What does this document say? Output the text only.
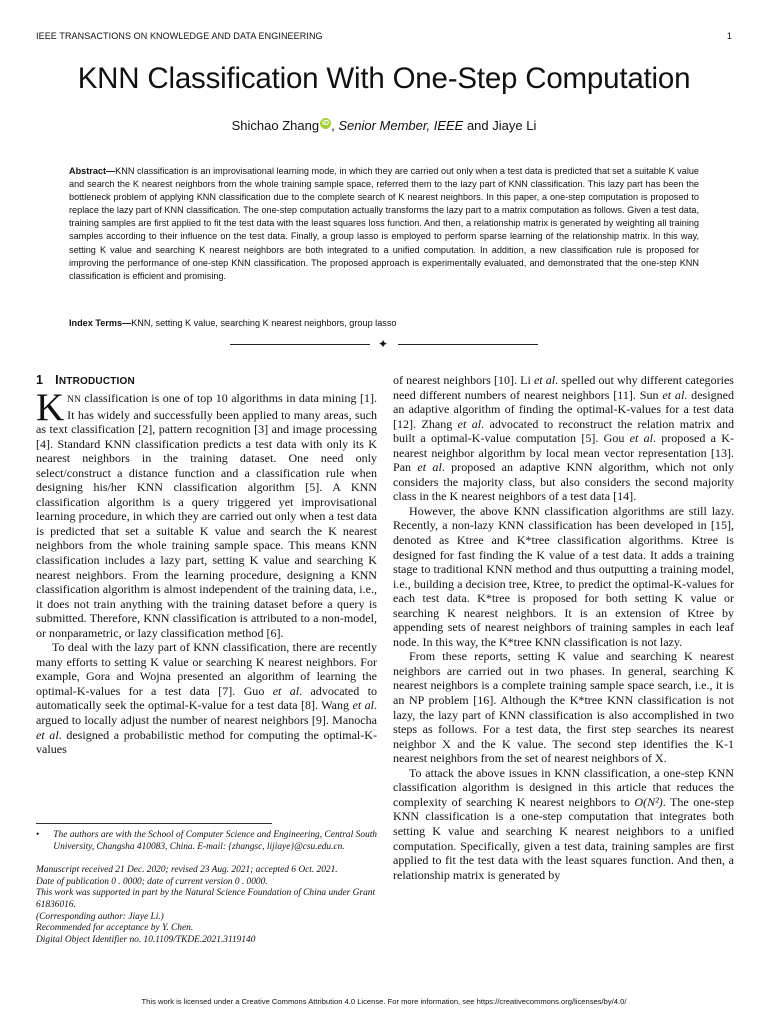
IEEE TRANSACTIONS ON KNOWLEDGE AND DATA ENGINEERING	1
KNN Classification With One-Step Computation
Shichao Zhang iD , Senior Member, IEEE and Jiaye Li

Abstract—KNN classification is an improvisational learning mode, in which they are carried out only when a test data is predicted that set a suitable K value and search the K nearest neighbors from the whole training sample space, referred them to the lazy part of KNN classification. This lazy part has been the bottleneck problem of applying KNN classification due to the complete search of K nearest neighbors. In this paper, a one-step computation is proposed to replace the lazy part of KNN classification. The one-step computation actually transforms the lazy part to a matrix computation as follows. Given a test data, training samples are first applied to fit the test data with the least squares loss function. And then, a relationship matrix is generated by weighting all training samples according to their influence on the test data. Finally, a group lasso is employed to perform sparse learning of the relationship matrix. In this way, setting K value and searching K nearest neighbors are both integrated to a unified computation. In addition, a new classification rule is proposed for improving the performance of one-step KNN classification. The proposed approach is experimentally evaluated, and demonstrated that the one-step KNN classification is efficient and promising.

Index Terms—KNN, setting K value, searching K nearest neighbors, group lasso

✦
1 INTRODUCTION

KNN classification is one of top 10 algorithms in data mining [1]. It has widely and successfully been applied to many areas, such as text classification [2], pattern recognition [3] and image processing [4]. Standard KNN classification predicts a test data with only its K nearest neighbors in the training dataset. One need only select/construct a distance function and a classification rule when designing his/her KNN classification algorithm [5]. A KNN classification algorithm is a query triggered yet improvisational learning procedure, in which they are carried out only when a test data is predicted that set a suitable K value and search the K nearest neighbors from the whole training sample space. This means KNN classification includes a lazy part, setting K value and searching K nearest neighbors. From the learning procedure, designing a KNN classification algorithm is almost independent of the training data, i.e., it does not train anything with the training dataset before a query is submitted. Therefore, KNN classification is attributed to a non-model, or nonparametric, or lazy classification method [6].

To deal with the lazy part of KNN classification, there are recently many efforts to setting K value or searching K nearest neighbors. For example, Gora and Wojna presented an algorithm of learning the optimal-K-values for a test data [7]. Guo et al. advocated to automatically seek the optimal-K-value for a test data [8]. Wang et al. argued to locally adjust the number of nearest neighbors [9]. Manocha et al. designed a probabilistic method for computing the optimal-K-values

of nearest neighbors [10]. Li et al. spelled out why different categories need different numbers of nearest neighbors [11]. Sun et al. designed an adaptive algorithm of finding the optimal-K-values for a test data [12]. Zhang et al. advocated to reconstruct the relation matrix and built a optimal-K-value computation [5]. Gou et al. proposed a K-nearest neighbor algorithm by local mean vector representation [13]. Pan et al. proposed an adaptive KNN algorithm, which not only considers the majority class, but also considers the second majority class in the K nearest neighbors of a test data [14].

However, the above KNN classification algorithms are still lazy. Recently, a non-lazy KNN classification has been developed in [15], denoted as Ktree and K*tree classification algorithms. Ktree is designed for fast finding the K value of a test data. It adds a training stage to traditional KNN method and thus outputting a training model, i.e., building a decision tree, Ktree, to predict the optimal-K-values for each test data. K*tree is proposed for both setting K value or searching K nearest neighbors. It is an extension of Ktree by appending sets of nearest neighbors of training samples in each leaf node. In this way, the K*tree KNN classification is not lazy.

From these reports, setting K value and searching K nearest neighbors are carried out in two phases. In general, searching K nearest neighbors is a complete training sample space search, i.e., it is an NP problem [16]. Although the K*tree KNN classification is not lazy, the lazy part of KNN classification is also accomplished in two steps as follows. For a test data, the first step searches its nearest neighbor X and the K value. The second step identifies the K-1 nearest neighbors from the set of nearest neighbors of X.

To attack the above issues in KNN classification, a one-step KNN classification algorithm is designed in this article that reduces the complexity of searching K nearest neighbors to O(N²). The one-step KNN classification is a one-step computation that integrates both setting K value and searching K nearest neighbors to a unified computation. Specifically, given a test data, training samples are first applied to fit the test data with the least squares function. And then, a relationship matrix is generated by

• The authors are with the School of Computer Science and Engineering, Central South University, Changsha 410083, China. E-mail: {zhangsc, lijiaye}@csu.edu.cn.
Manuscript received 21 Dec. 2020; revised 23 Aug. 2021; accepted 6 Oct. 2021.
Date of publication 0 . 0000; date of current version 0 . 0000.
This work was supported in part by the Natural Science Foundation of China under Grant 61836016.
(Corresponding author: Jiaye Li.)
Recommended for acceptance by Y. Chen.
Digital Object Identifier no. 10.1109/TKDE.2021.3119140
This work is licensed under a Creative Commons Attribution 4.0 License. For more information, see https://creativecommons.org/licenses/by/4.0/
